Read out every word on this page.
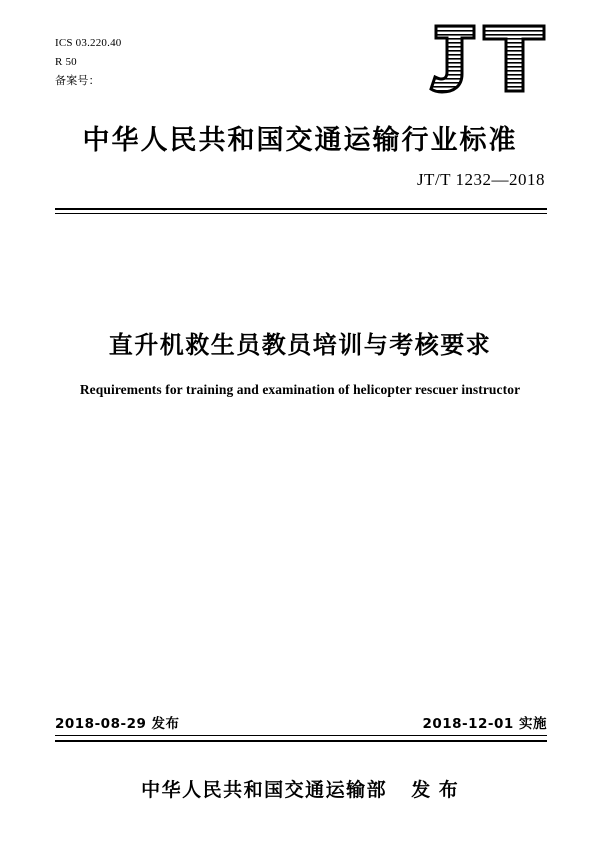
ICS 03.220.40
R 50
备案号：
中华人民共和国交通运输行业标准
JT/T 1232—2018
直升机救生员教员培训与考核要求
Requirements for training and examination of helicopter rescuer instructor
2018-08-29 发布	2018-12-01 实施
中华人民共和国交通运输部 发 布
